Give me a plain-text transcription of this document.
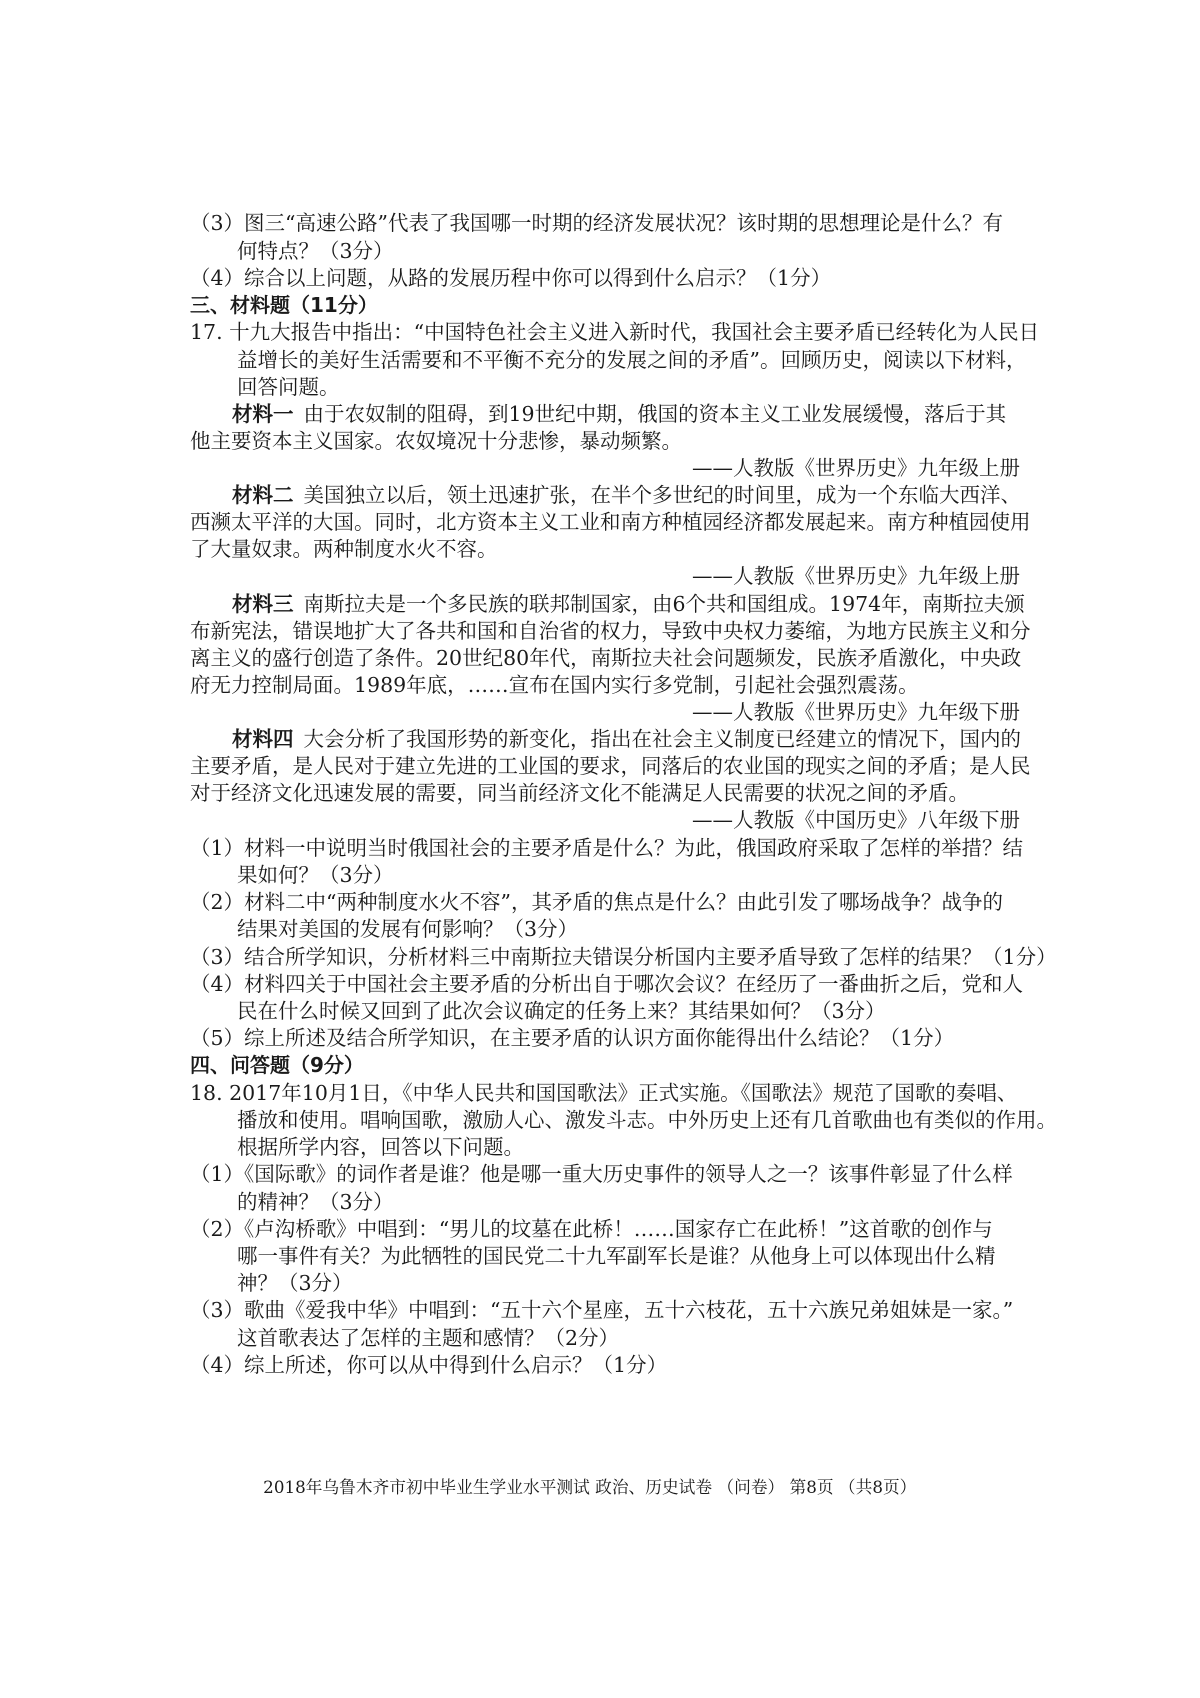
（3）图三“高速公路”代表了我国哪一时期的经济发展状况？该时期的思想理论是什么？有
何特点？（3分）
（4）综合以上问题，从路的发展历程中你可以得到什么启示？（1分）
三、材料题（11分）
17. 十九大报告中指出：“中国特色社会主义进入新时代，我国社会主要矛盾已经转化为人民日
益增长的美好生活需要和不平衡不充分的发展之间的矛盾”。回顾历史，阅读以下材料，
回答问题。
材料一 由于农奴制的阻碍，到19世纪中期，俄国的资本主义工业发展缓慢，落后于其
他主要资本主义国家。农奴境况十分悲惨，暴动频繁。
——人教版《世界历史》九年级上册
材料二 美国独立以后，领土迅速扩张，在半个多世纪的时间里，成为一个东临大西洋、
西濒太平洋的大国。同时，北方资本主义工业和南方种植园经济都发展起来。南方种植园使用
了大量奴隶。两种制度水火不容。
——人教版《世界历史》九年级上册
材料三 南斯拉夫是一个多民族的联邦制国家，由6个共和国组成。1974年，南斯拉夫颁
布新宪法，错误地扩大了各共和国和自治省的权力，导致中央权力萎缩，为地方民族主义和分
离主义的盛行创造了条件。20世纪80年代，南斯拉夫社会问题频发，民族矛盾激化，中央政
府无力控制局面。1989年底，……宣布在国内实行多党制，引起社会强烈震荡。
——人教版《世界历史》九年级下册
材料四 大会分析了我国形势的新变化，指出在社会主义制度已经建立的情况下，国内的
主要矛盾，是人民对于建立先进的工业国的要求，同落后的农业国的现实之间的矛盾；是人民
对于经济文化迅速发展的需要，同当前经济文化不能满足人民需要的状况之间的矛盾。
——人教版《中国历史》八年级下册
（1）材料一中说明当时俄国社会的主要矛盾是什么？为此，俄国政府采取了怎样的举措？结
果如何？（3分）
（2）材料二中“两种制度水火不容”，其矛盾的焦点是什么？由此引发了哪场战争？战争的
结果对美国的发展有何影响？（3分）
（3）结合所学知识，分析材料三中南斯拉夫错误分析国内主要矛盾导致了怎样的结果？（1分）
（4）材料四关于中国社会主要矛盾的分析出自于哪次会议？在经历了一番曲折之后，党和人
民在什么时候又回到了此次会议确定的任务上来？其结果如何？（3分）
（5）综上所述及结合所学知识，在主要矛盾的认识方面你能得出什么结论？（1分）
四、问答题（9分）
18. 2017年10月1日，《中华人民共和国国歌法》正式实施。《国歌法》规范了国歌的奏唱、
播放和使用。唱响国歌，激励人心、激发斗志。中外历史上还有几首歌曲也有类似的作用。
根据所学内容，回答以下问题。
（1）《国际歌》的词作者是谁？他是哪一重大历史事件的领导人之一？该事件彰显了什么样
的精神？（3分）
（2）《卢沟桥歌》中唱到：“男儿的坟墓在此桥！……国家存亡在此桥！”这首歌的创作与
哪一事件有关？为此牺牲的国民党二十九军副军长是谁？从他身上可以体现出什么精
神？（3分）
（3）歌曲《爱我中华》中唱到：“五十六个星座，五十六枝花，五十六族兄弟姐妹是一家。”
这首歌表达了怎样的主题和感情？（2分）
（4）综上所述，你可以从中得到什么启示？（1分）
2018年乌鲁木齐市初中毕业生学业水平测试 政治、历史试卷 （问卷） 第8页 （共8页）
